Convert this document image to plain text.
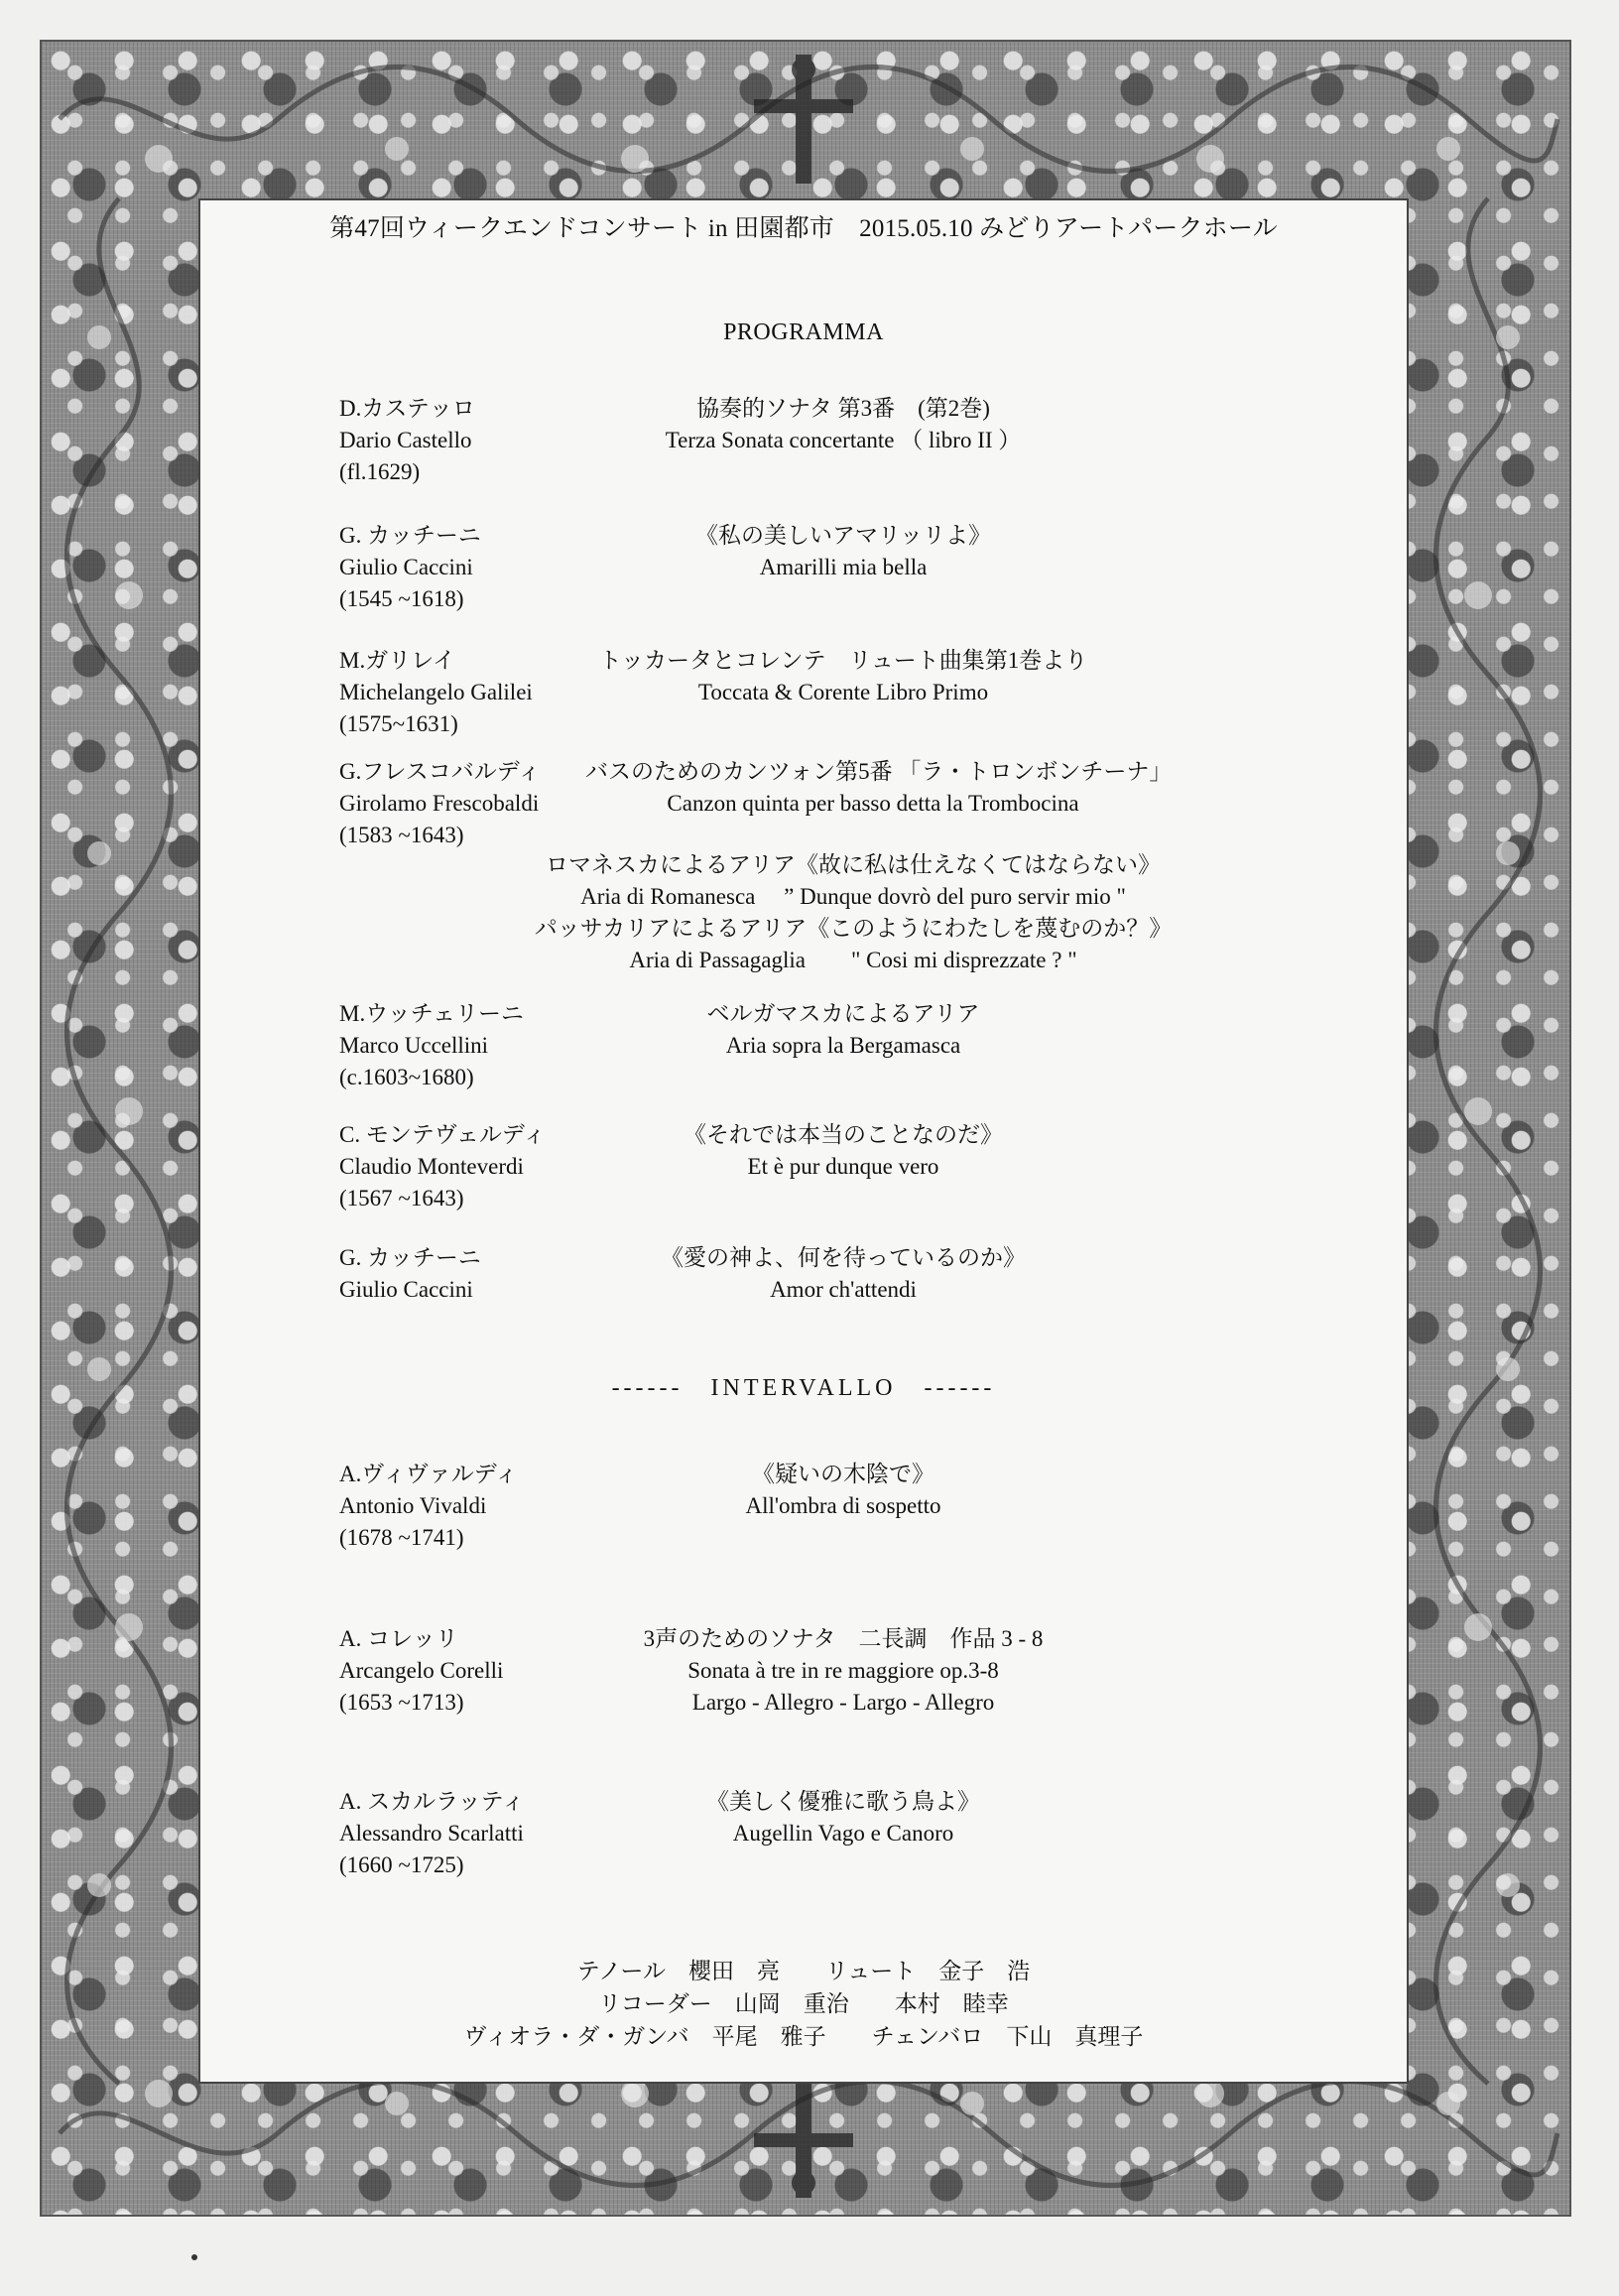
第47回ウィークエンドコンサート in 田園都市　2015.05.10 みどりアートパークホール
PROGRAMMA
D.カステッロ
Dario Castello
(fl.1629)
協奏的ソナタ 第3番　(第2巻)
Terza Sonata concertante （ libro II ）
G. カッチーニ
Giulio Caccini
(1545 ~1618)
《私の美しいアマリッリよ》
Amarilli mia bella
M.ガリレイ
Michelangelo Galilei
(1575~1631)
トッカータとコレンテ　リュート曲集第1巻より
Toccata & Corente Libro Primo
G.フレスコバルディ
Girolamo Frescobaldi
(1583 ~1643)
バスのためのカンツォン第5番 「ラ・トロンボンチーナ」
Canzon quinta per basso detta la Trombocina
ロマネスカによるアリア《故に私は仕えなくてはならない》
Aria di Romanesca　 ” Dunque dovrò del puro servir mio "
パッサカリアによるアリア《このようにわたしを蔑むのか？》
Aria di Passagaglia　　" Cosi mi disprezzate ? "
M.ウッチェリーニ
Marco Uccellini
(c.1603~1680)
ベルガマスカによるアリア
Aria sopra la Bergamasca
C. モンテヴェルディ
Claudio Monteverdi
(1567 ~1643)
《それでは本当のことなのだ》
Et è pur dunque vero
G. カッチーニ
Giulio Caccini
《愛の神よ、何を待っているのか》
Amor ch'attendi
------　INTERVALLO　------
A.ヴィヴァルディ
Antonio Vivaldi
(1678 ~1741)
《疑いの木陰で》
All'ombra di sospetto
A. コレッリ
Arcangelo Corelli
(1653 ~1713)
3声のためのソナタ　二長調　作品 3 - 8
Sonata à tre in re maggiore op.3-8
Largo - Allegro - Largo - Allegro
A. スカルラッティ
Alessandro Scarlatti
(1660 ~1725)
《美しく優雅に歌う鳥よ》
Augellin Vago e Canoro
テノール　櫻田　亮　　リュート　金子　浩
リコーダー　山岡　重治　　本村　睦幸
ヴィオラ・ダ・ガンバ　平尾　雅子　　チェンバロ　下山　真理子
